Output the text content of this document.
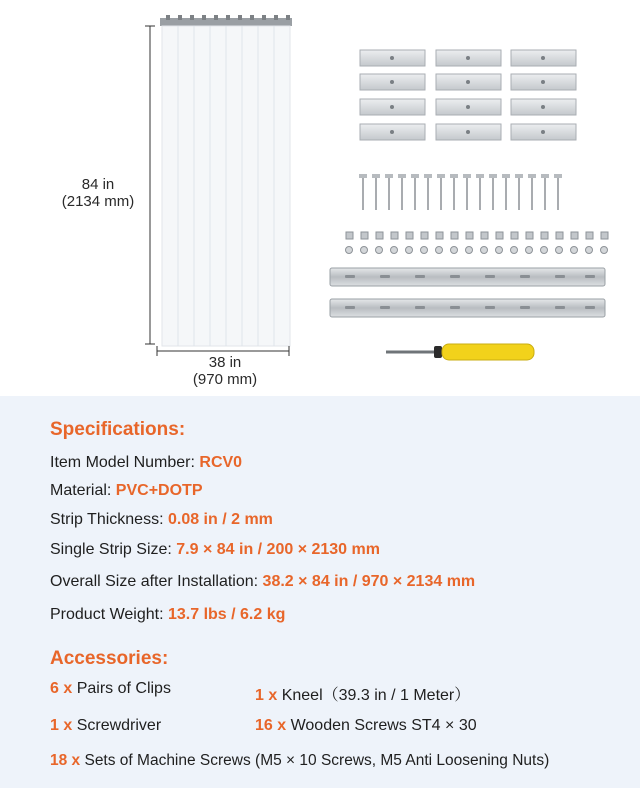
84 in
(2134 mm)
38 in
(970 mm)
Specifications:
Item Model Number: RCV0
Material: PVC+DOTP
Strip Thickness: 0.08 in / 2 mm
Single Strip Size: 7.9 × 84 in / 200 × 2130 mm
Overall Size after Installation: 38.2 × 84 in / 970 × 2134 mm
Product Weight: 13.7 lbs / 6.2 kg
Accessories:
6 x Pairs of Clips	1 x Kneel（39.3 in / 1 Meter）
1 x Screwdriver	16 x Wooden Screws ST4 × 30
18 x Sets of Machine Screws (M5 × 10 Screws, M5 Anti Loosening Nuts)
